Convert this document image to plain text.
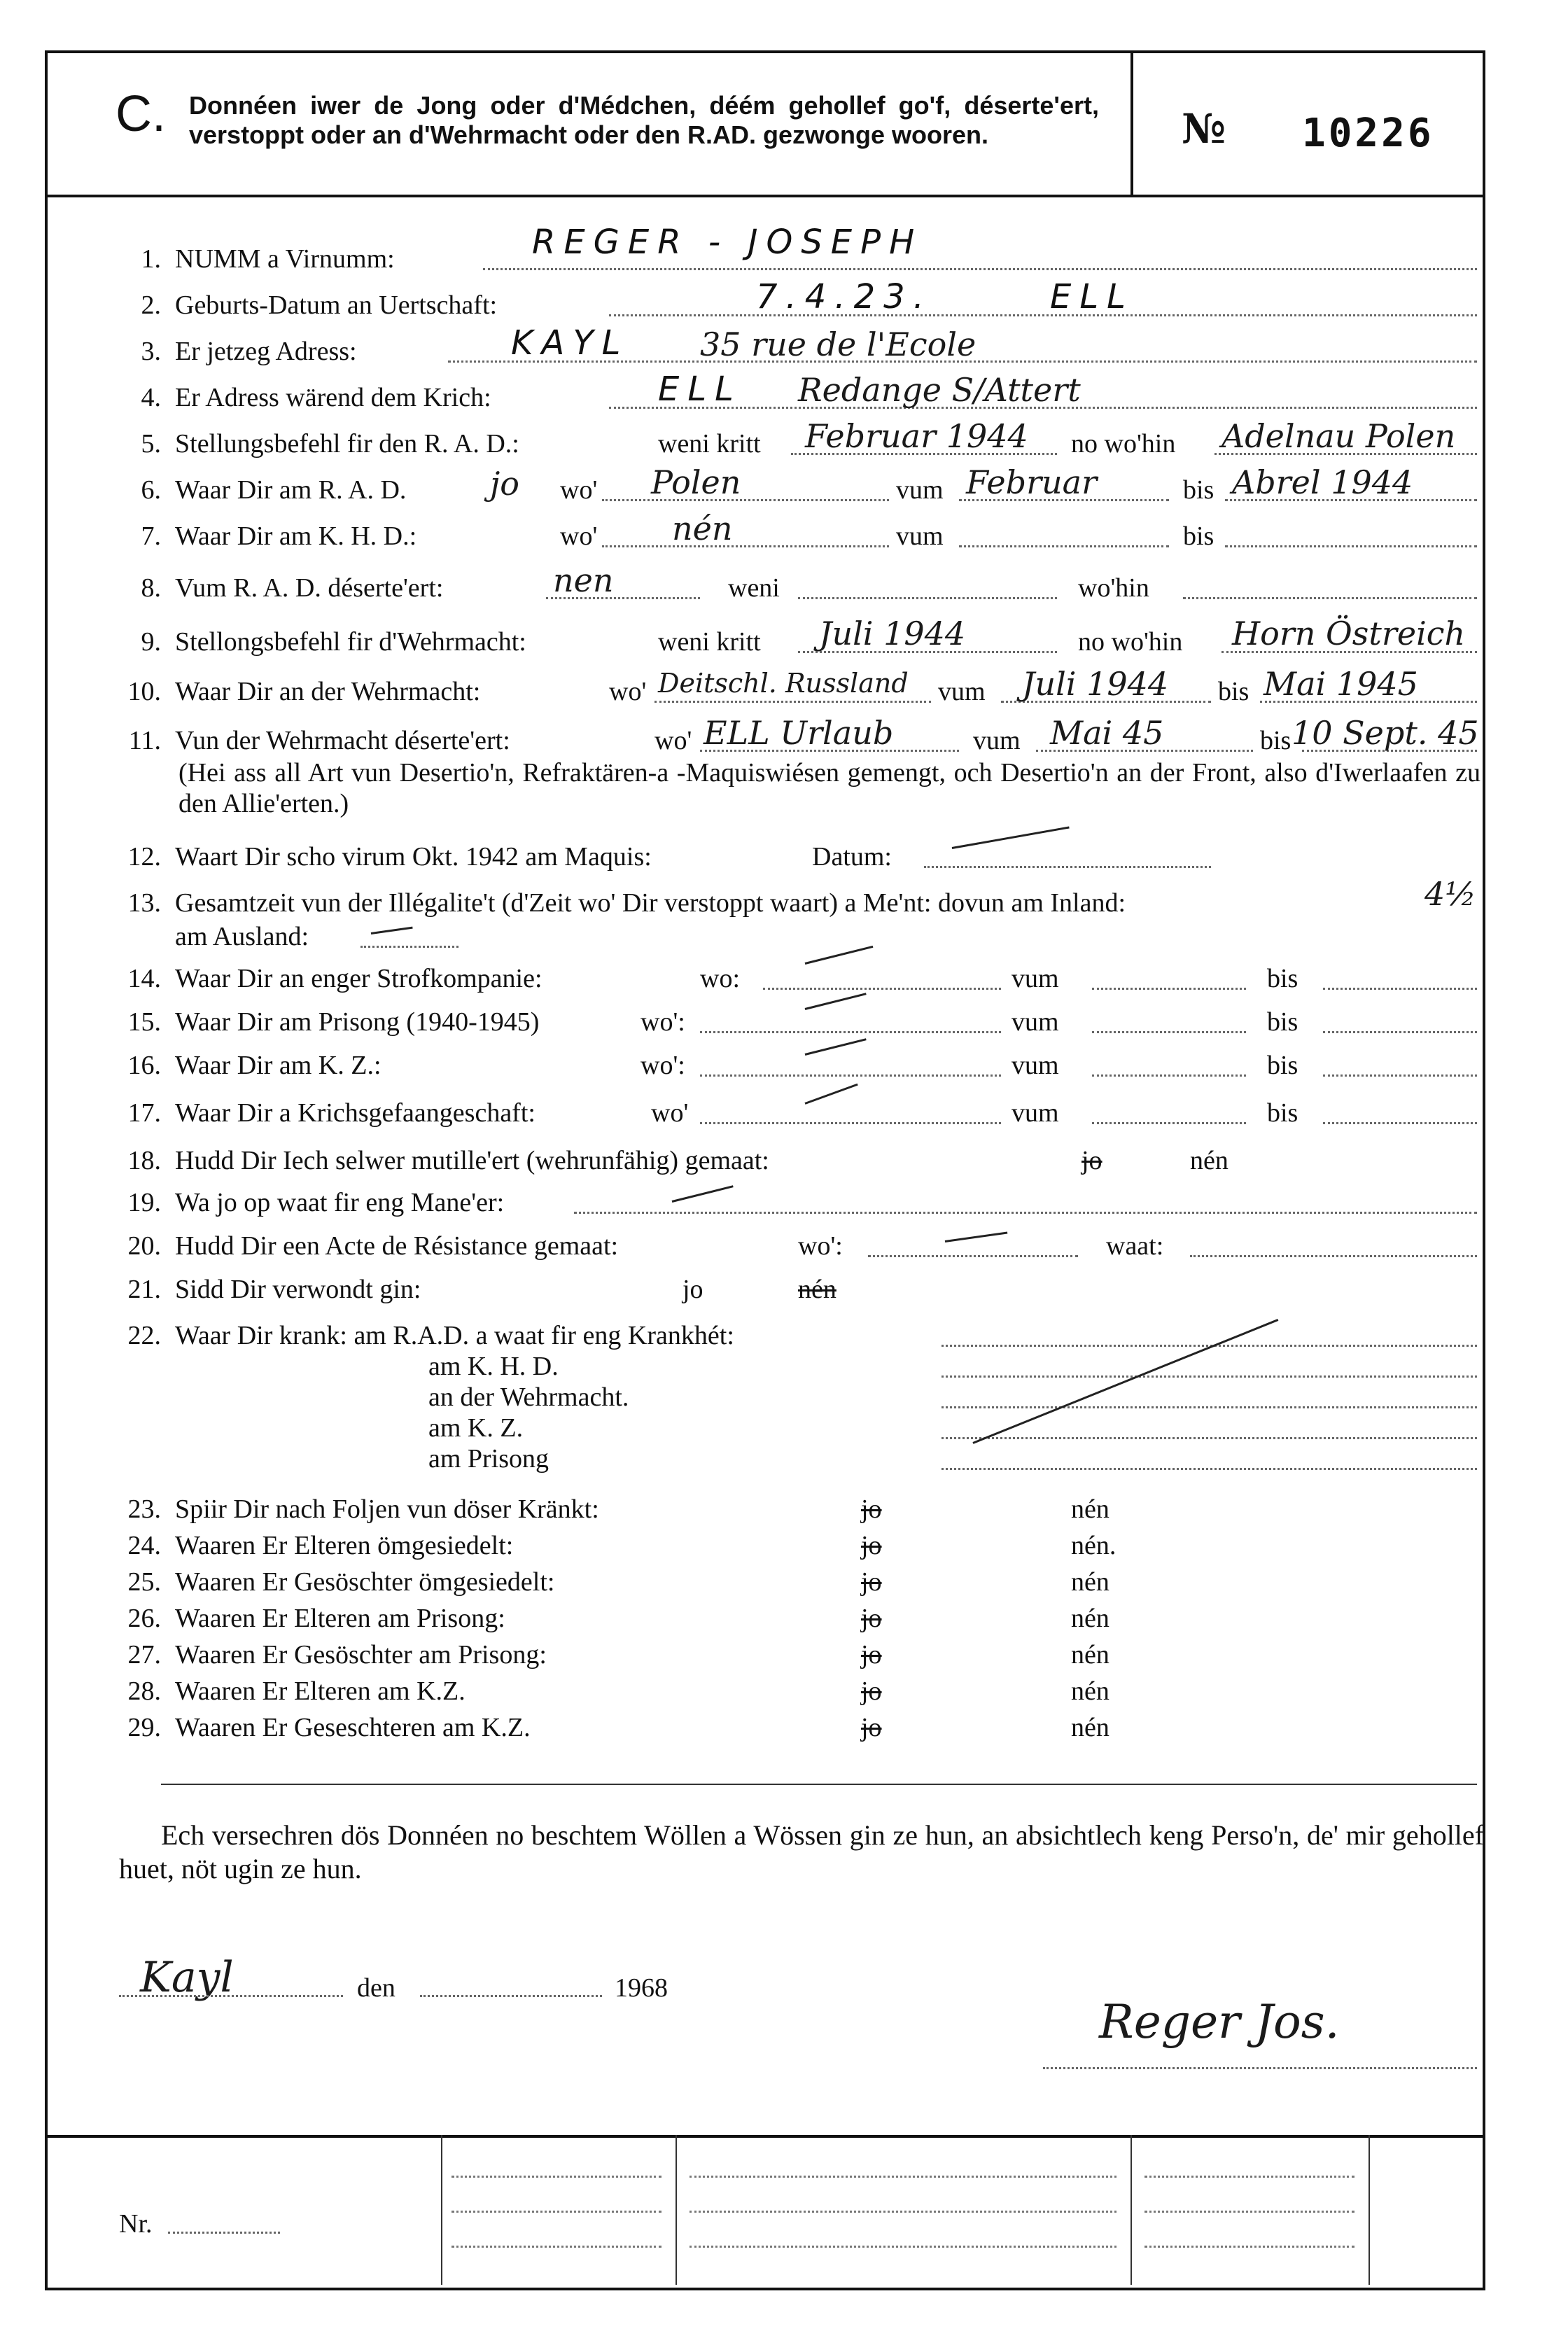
C. Donnéen iwer de Jong oder d'Médchen, déém gehollef go'f, déserte'ert, verstoppt oder an d'Wehrmacht oder den R.AD. gezwonge wooren.	№ 10226
1. NUMM a Virnumm:	REGER - JOSEPH
2. Geburts-Datum an Uertschaft:	7.4.23.	ELL
3. Er jetzeg Adress:	KAYL 35 rue de l'Ecole
4. Er Adress wärend dem Krich:	ELL Redange S/Attert
5. Stellungsbefehl fir den R. A. D.:	weni kritt Februar 1944 no wo'hin Adelnau Polen
6. Waar Dir am R. A. D.	jo wo' Polen	vum Februar	bis Abrel 1944
7. Waar Dir am K. H. D.:	wo' nén	vum	bis
8. Vum R. A. D. déserte'ert:	nen	weni	wo'hin
9. Stellongsbefehl fir d'Wehrmacht:	weni kritt Juli 1944	no wo'hin Horn Östreich
10. Waar Dir an der Wehrmacht:	wo' Deitschl. Russland vum Juli 1944 bis Mai 1945
11. Vun der Wehrmacht déserte'ert:	wo' ELL Urlaub	vum Mai 45	bis 10 Sept. 45
(Hei ass all Art vun Desertio'n, Refraktären-a -Maquiswiésen gemengt, och Desertio'n an der Front, also d'Iwerlaafen zu den Allie'erten.)
12. Waart Dir scho virum Okt. 1942 am Maquis:	Datum:
13. Gesamtzeit vun der Illégalite't (d'Zeit wo' Dir verstoppt waart) a Me'nt: dovun am Inland:	4½
am Ausland:
14. Waar Dir an enger Strofkompanie:	wo:	vum	bis
15. Waar Dir am Prisong (1940-1945)	wo':	vum	bis
16. Waar Dir am K. Z.:	wo':	vum	bis
17. Waar Dir a Krichsgefaangeschaft:	wo'	vum	bis
18. Hudd Dir Iech selwer mutille'ert (wehrunfähig) gemaat:	jo	nén
19. Wa jo op waat fir eng Mane'er:
20. Hudd Dir een Acte de Résistance gemaat:	wo':	waat:
21. Sidd Dir verwondt gin:	jo	nén
22. Waar Dir krank: am R.A.D. a waat fir eng Krankhét:
am K. H. D.
an der Wehrmacht.
am K. Z.
am Prisong
23. Spiir Dir nach Foljen vun döser Kränkt:	jo	nén
24. Waaren Er Elteren ömgesiedelt:	jo	nén.
25. Waaren Er Gesöschter ömgesiedelt:	jo	nén
26. Waaren Er Elteren am Prisong:	jo	nén
27. Waaren Er Gesöschter am Prisong:	jo	nén
28. Waaren Er Elteren am K.Z.	jo	nén
29. Waaren Er Geseschteren am K.Z.	jo	nén
Ech versechren dös Donnéen no beschtem Wöllen a Wössen gin ze hun, an absichtlech keng Perso'n, de' mir gehollef huet, nöt ugin ze hun.
Kayl	den	1968
Reger Jos.
Nr.
